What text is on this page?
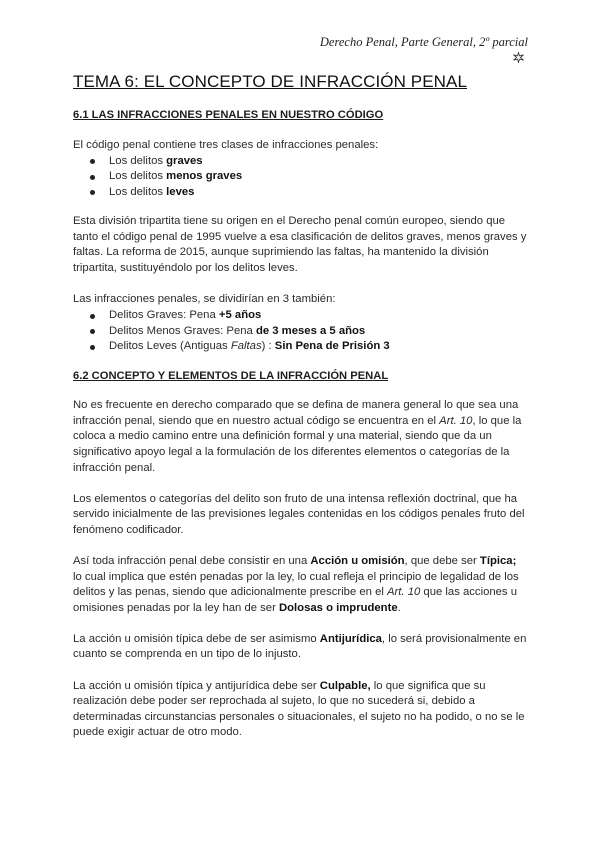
Derecho Penal, Parte General, 2º parcial
TEMA 6: EL CONCEPTO DE INFRACCIÓN PENAL
6.1 LAS INFRACCIONES PENALES EN NUESTRO CÓDIGO

El código penal contiene tres clases de infracciones penales:

Los delitos graves
Los delitos menos graves
Los delitos leves

Esta división tripartita tiene su origen en el Derecho penal común europeo, siendo que tanto el código penal de 1995 vuelve a esa clasificación de delitos graves, menos graves y faltas. La reforma de 2015, aunque suprimiendo las faltas, ha mantenido la división tripartita, sustituyéndolo por los delitos leves.

Las infracciones penales, se dividirían en 3 también:

Delitos Graves: Pena +5 años
Delitos Menos Graves: Pena de 3 meses a 5 años
Delitos Leves (Antiguas Faltas) : Sin Pena de Prisión 3
6.2 CONCEPTO Y ELEMENTOS DE LA INFRACCIÓN PENAL

No es frecuente en derecho comparado que se defina de manera general lo que sea una infracción penal, siendo que en nuestro actual código se encuentra en el Art. 10, lo que la coloca a medio camino entre una definición formal y una material, siendo que da un significativo apoyo legal a la formulación de los diferentes elementos o categorías de la infracción penal.

Los elementos o categorías del delito son fruto de una intensa reflexión doctrinal, que ha servido inicialmente de las previsiones legales contenidas en los códigos penales fruto del fenómeno codificador.

Así toda infracción penal debe consistir en una Acción u omisión, que debe ser Típica; lo cual implica que estén penadas por la ley, lo cual refleja el principio de legalidad de los delitos y las penas, siendo que adicionalmente prescribe en el Art. 10 que las acciones u omisiones penadas por la ley han de ser Dolosas o imprudente.

La acción u omisión típica debe de ser asimismo Antijurídica, lo será provisionalmente en cuanto se comprenda en un tipo de lo injusto.

La acción u omisión típica y antijurídica debe ser Culpable, lo que significa que su realización debe poder ser reprochada al sujeto, lo que no sucederá si, debido a determinadas circunstancias personales o situacionales, el sujeto no ha podido, o no se le puede exigir actuar de otro modo.
